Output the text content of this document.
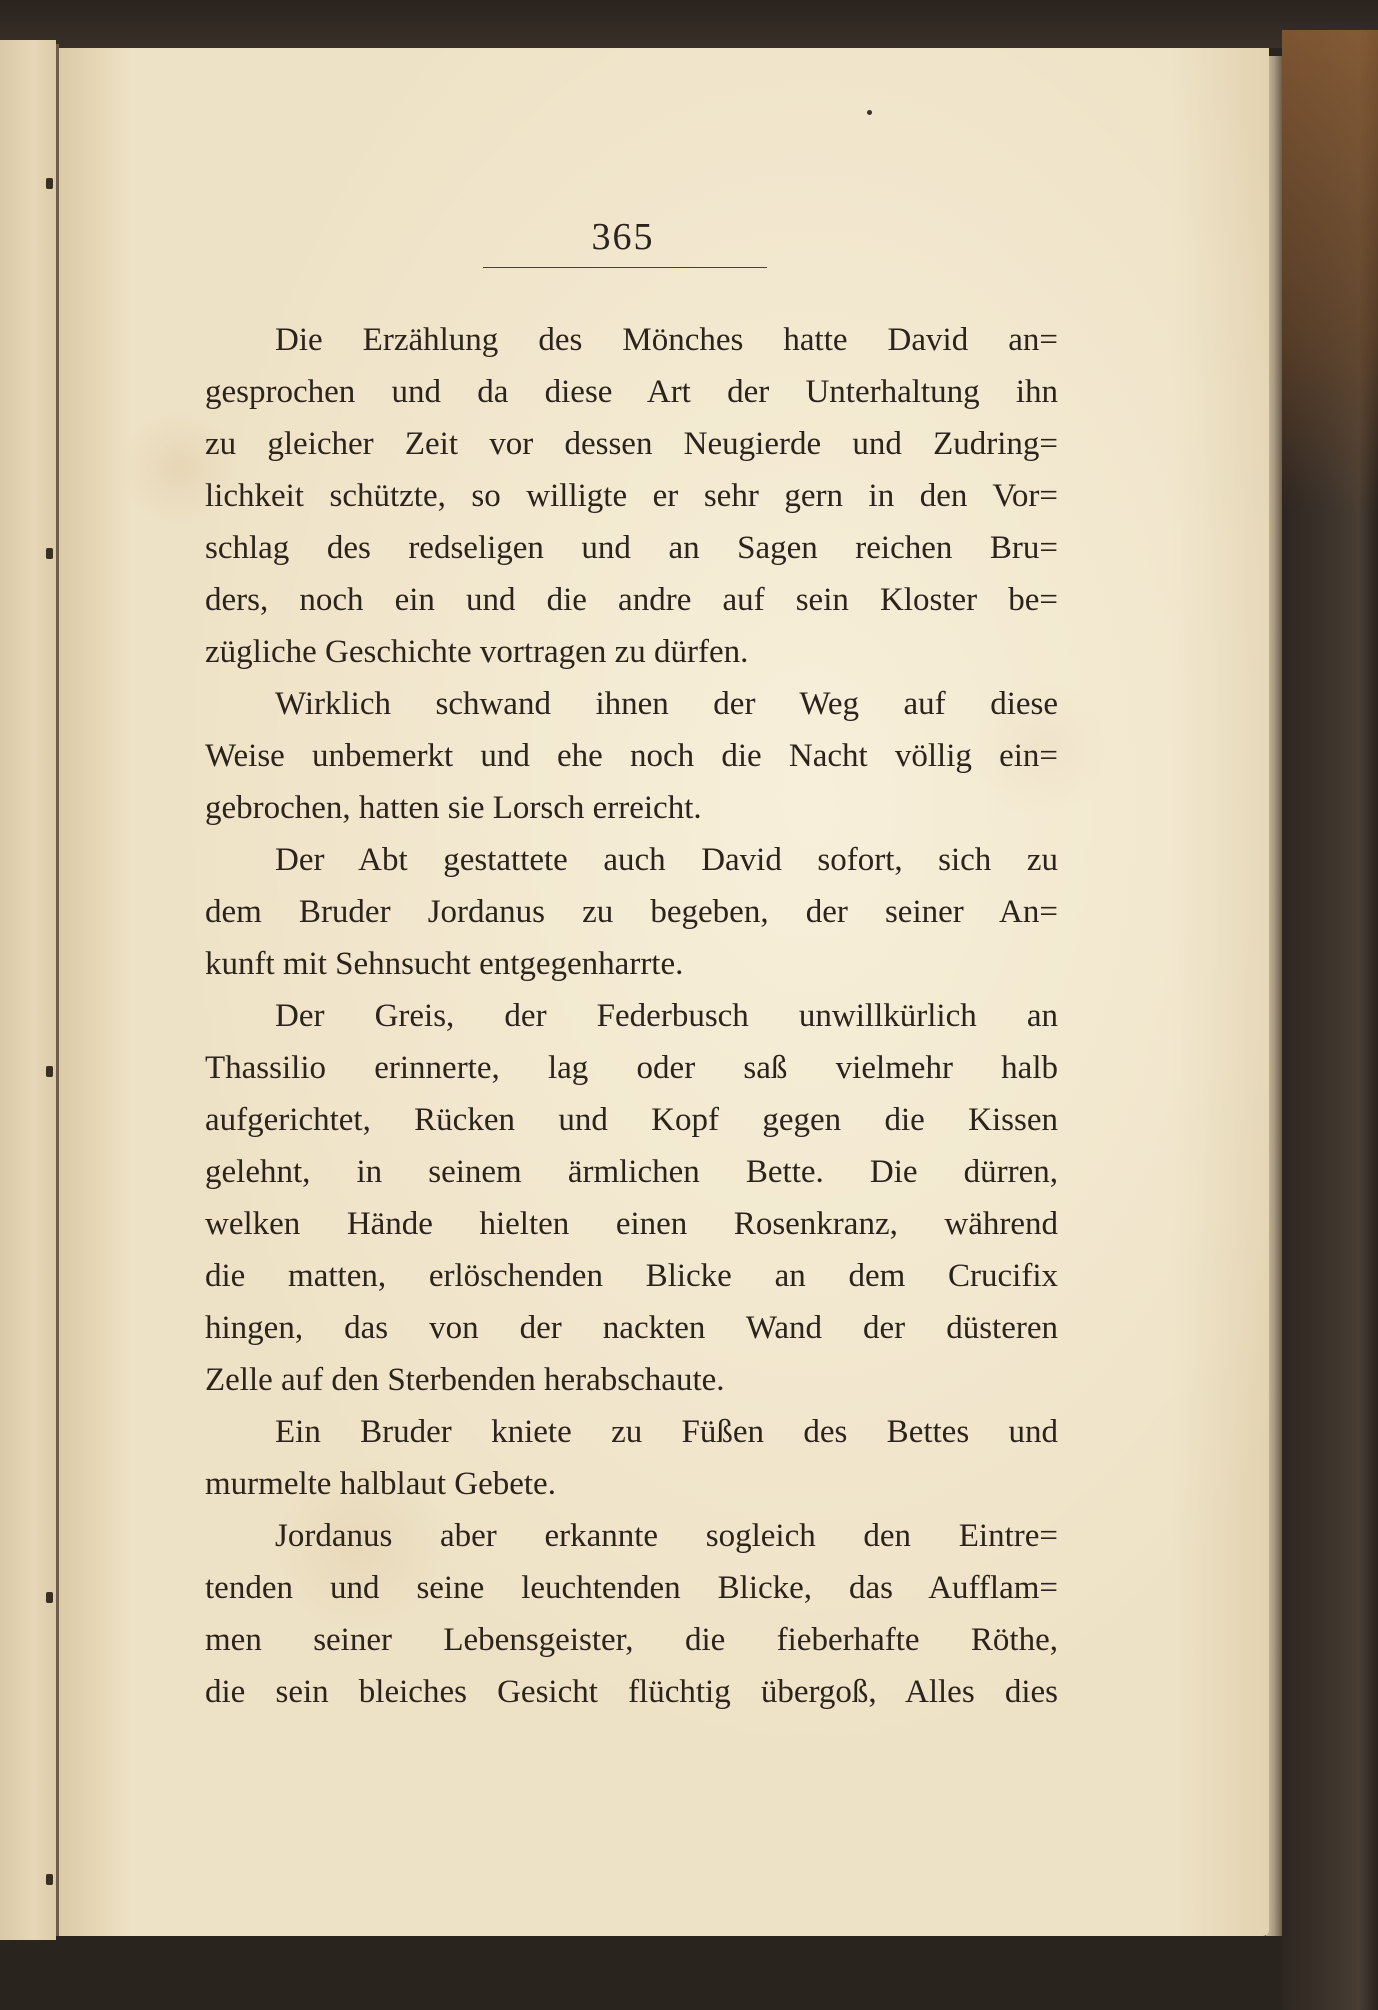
365
Die Erzählung des Mönches hatte David an=
gesprochen und da diese Art der Unterhaltung ihn
zu gleicher Zeit vor dessen Neugierde und Zudring=
lichkeit schützte, so willigte er sehr gern in den Vor=
schlag des redseligen und an Sagen reichen Bru=
ders, noch ein und die andre auf sein Kloster be=
zügliche Geschichte vortragen zu dürfen.
Wirklich schwand ihnen der Weg auf diese
Weise unbemerkt und ehe noch die Nacht völlig ein=
gebrochen, hatten sie Lorsch erreicht.
Der Abt gestattete auch David sofort, sich zu
dem Bruder Jordanus zu begeben, der seiner An=
kunft mit Sehnsucht entgegenharrte.
Der Greis, der Federbusch unwillkürlich an
Thassilio erinnerte, lag oder saß vielmehr halb
aufgerichtet, Rücken und Kopf gegen die Kissen
gelehnt, in seinem ärmlichen Bette. Die dürren,
welken Hände hielten einen Rosenkranz, während
die matten, erlöschenden Blicke an dem Crucifix
hingen, das von der nackten Wand der düsteren
Zelle auf den Sterbenden herabschaute.
Ein Bruder kniete zu Füßen des Bettes und
murmelte halblaut Gebete.
Jordanus aber erkannte sogleich den Eintre=
tenden und seine leuchtenden Blicke, das Aufflam=
men seiner Lebensgeister, die fieberhafte Röthe,
die sein bleiches Gesicht flüchtig übergoß, Alles dies
